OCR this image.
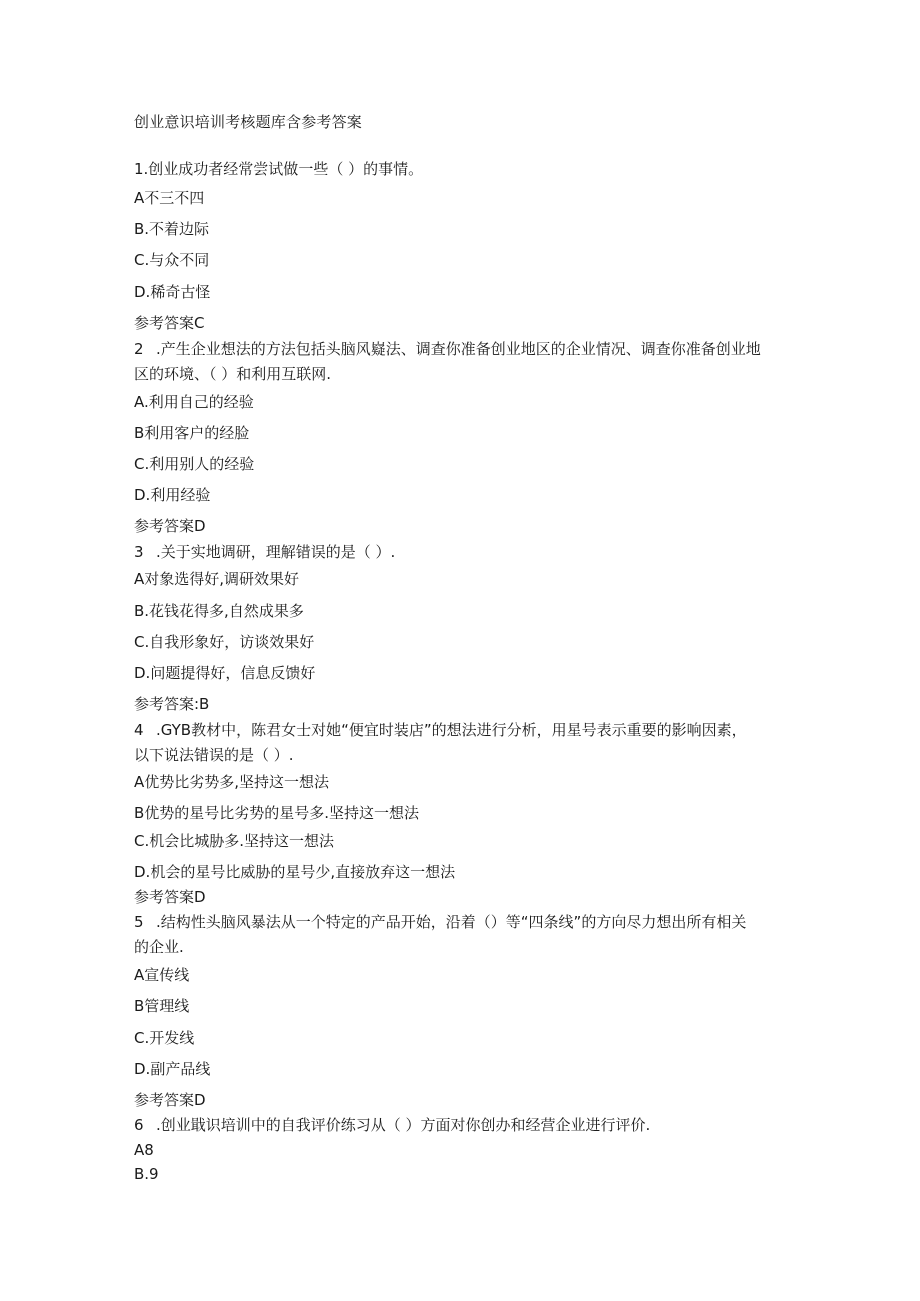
创业意识培训考核题库含参考答案
1.创业成功者经常尝试做一些（ ）的事情。
A不三不四
B.不着边际
C.与众不同
D.稀奇古怪
参考答案C
2 .产生企业想法的方法包括头脑风嶷法、调查你准备创业地区的企业情况、调查你准备创业地
区的环境、（ ）和利用互联网.
A.利用自己的经验
B利用客户的经脸
C.利用别人的经验
D.利用经验
参考答案D
3 .关于实地调研，理解错误的是（ ）.
A对象选得好,调研效果好
B.花钱花得多,自然成果多
C.自我形象好，访谈效果好
D.问题提得好，信息反馈好
参考答案:B
4 .GYB教材中，陈君女士对她“便宜时装店”的想法进行分析，用星号表示重要的影响因素，
以下说法错误的是（ ）.
A优势比劣势多,坚持这一想法
B优势的星号比劣势的星号多.坚持这一想法
C.机会比城胁多.坚持这一想法
D.机会的星号比威胁的星号少,直接放弃这一想法
参考答案D
5 .结构性头脑风暴法从一个特定的产品开始，沿着（）等“四条线”的方向尽力想出所有相关
的企业.
A宣传线
B管理线
C.开发线
D.副产品线
参考答案D
6 .创业戢识培训中的自我评价练习从（ ）方面对你创办和经营企业进行评价.
A8
B.9
